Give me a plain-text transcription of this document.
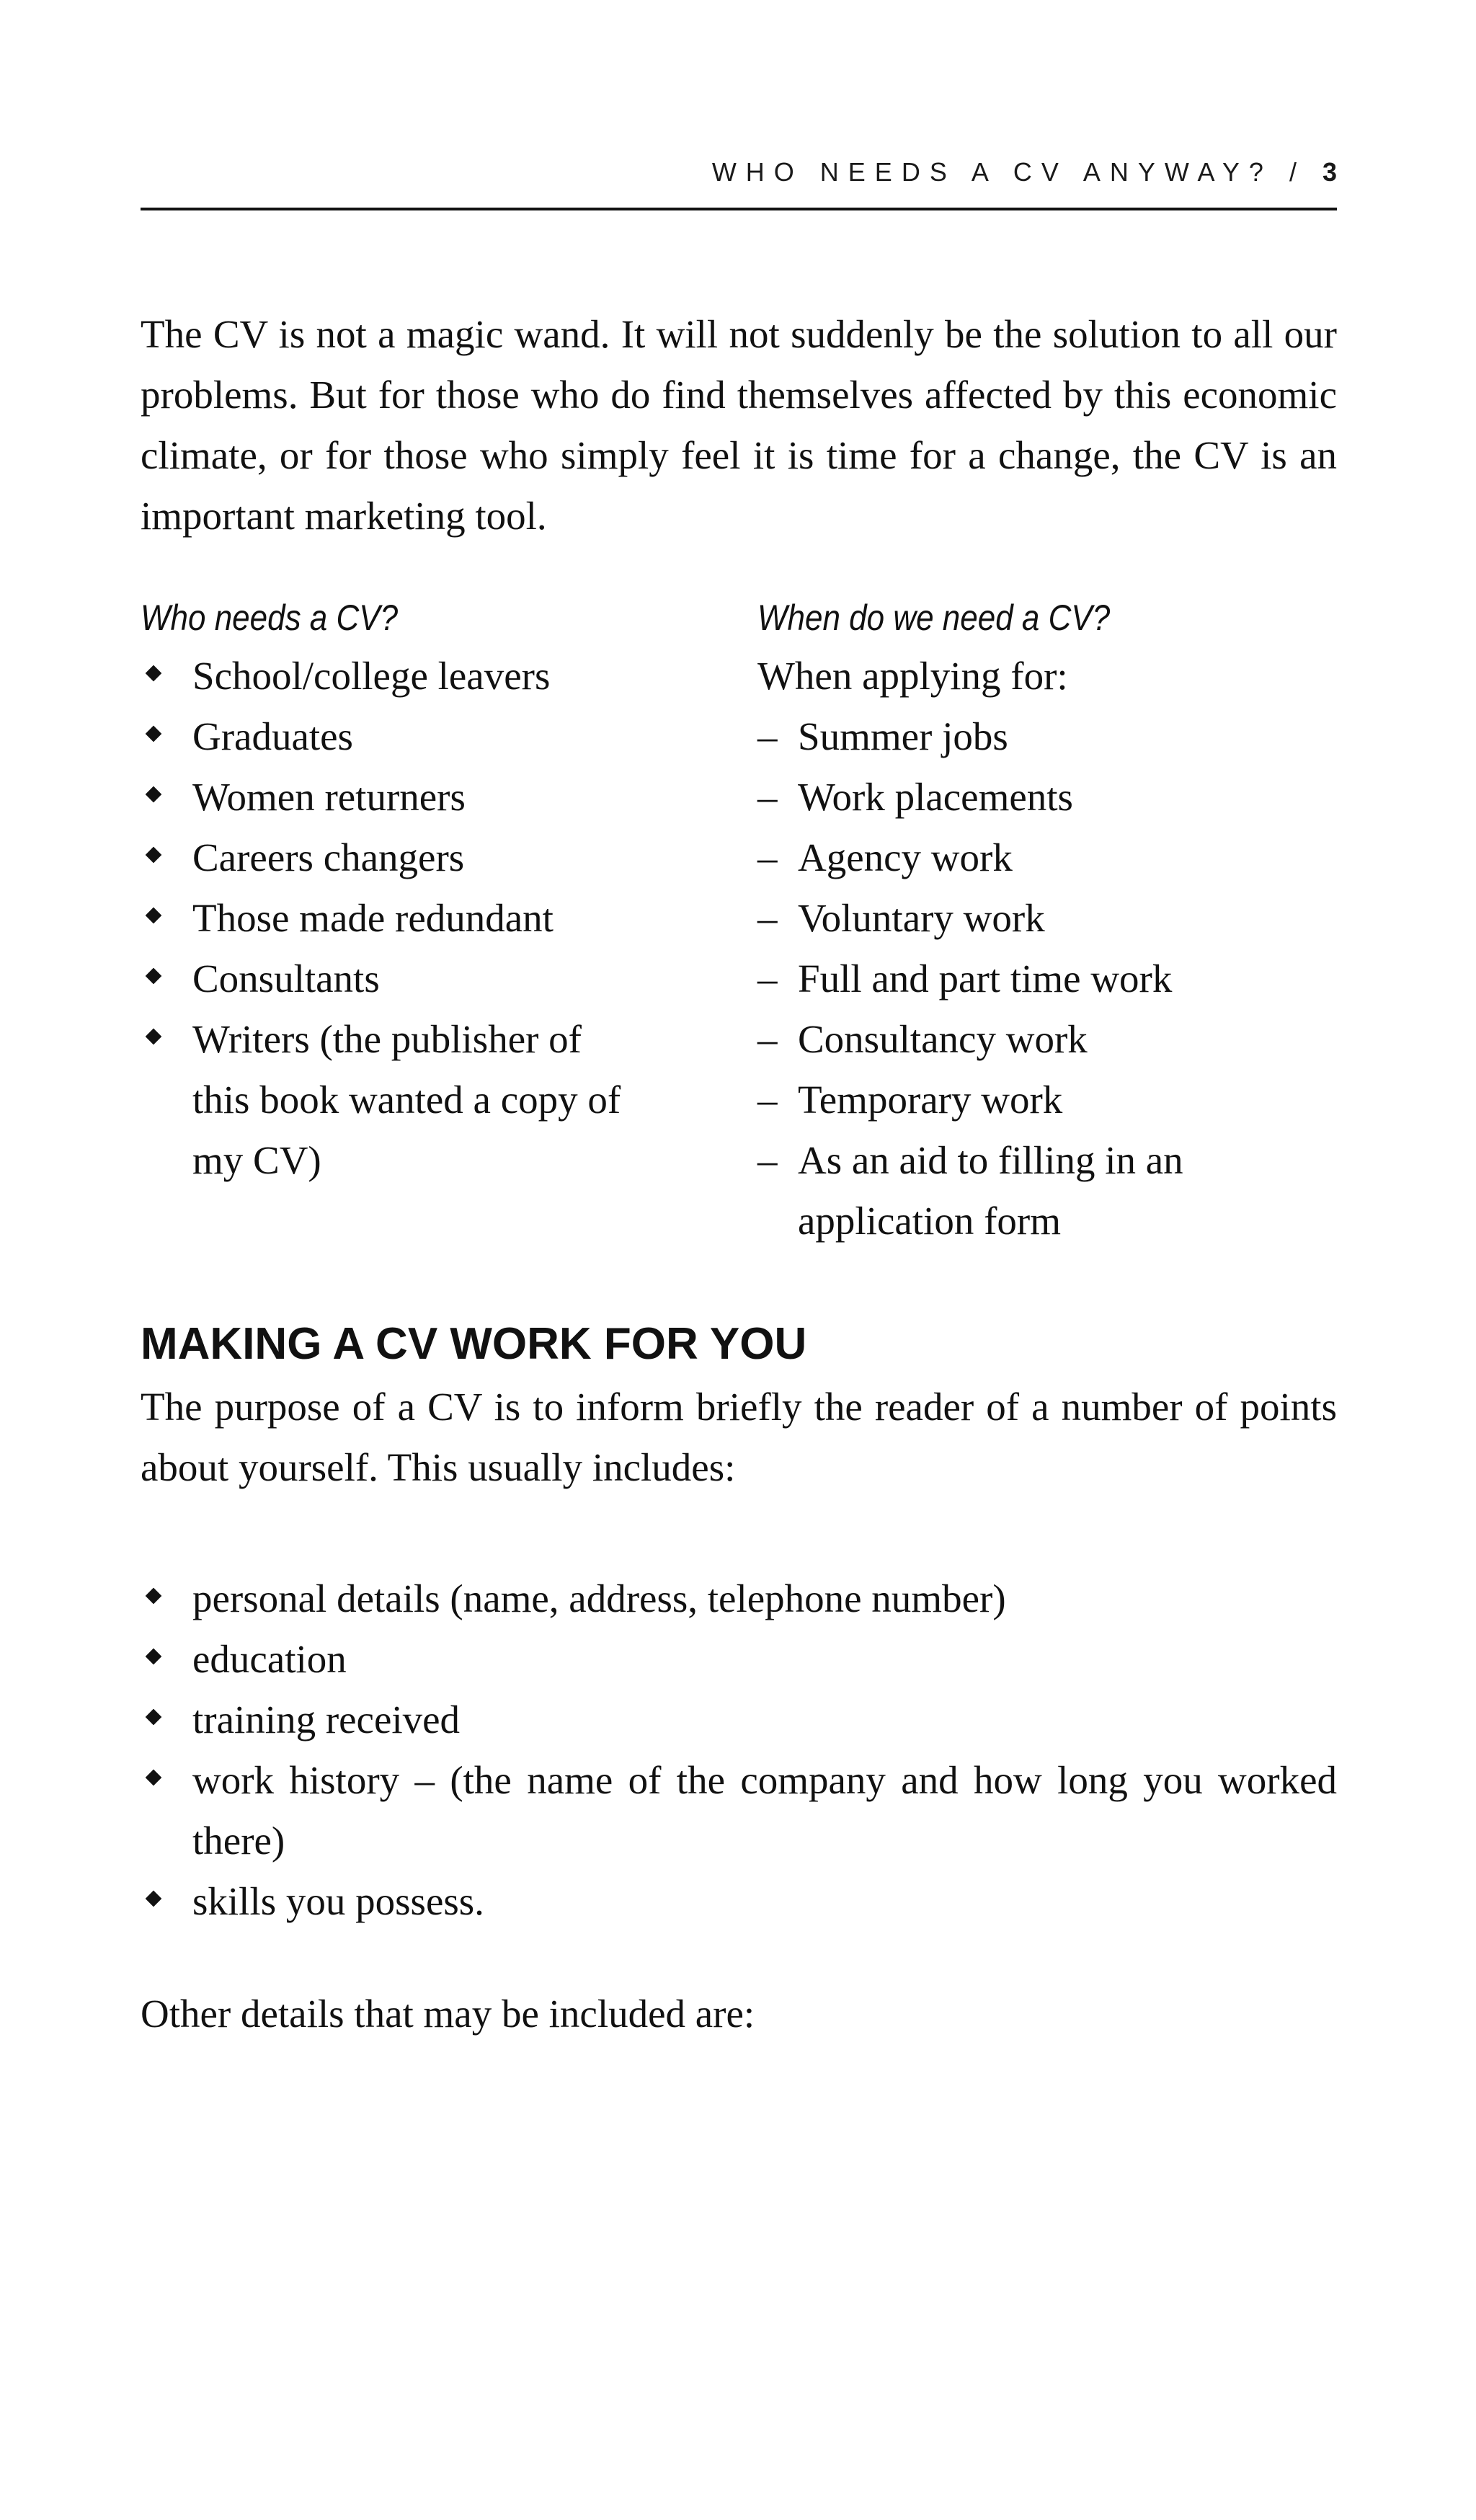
WHO NEEDS A CV ANYWAY? / 3

The CV is not a magic wand. It will not suddenly be the solution to all our problems. But for those who do find themselves affected by this economic climate, or for those who simply feel it is time for a change, the CV is an important marketing tool.

Who needs a CV?
School/college leavers
Graduates
Women returners
Careers changers
Those made redundant
Consultants
Writers (the publisher of this book wanted a copy of my CV)
When do we need a CV?
When applying for:
– Summer jobs
– Work placements
– Agency work
– Voluntary work
– Full and part time work
– Consultancy work
– Temporary work
– As an aid to filling in an application form
MAKING A CV WORK FOR YOU

The purpose of a CV is to inform briefly the reader of a number of points about yourself. This usually includes:

personal details (name, address, telephone number)
education
training received
work history – (the name of the company and how long you worked there)
skills you possess.

Other details that may be included are:
